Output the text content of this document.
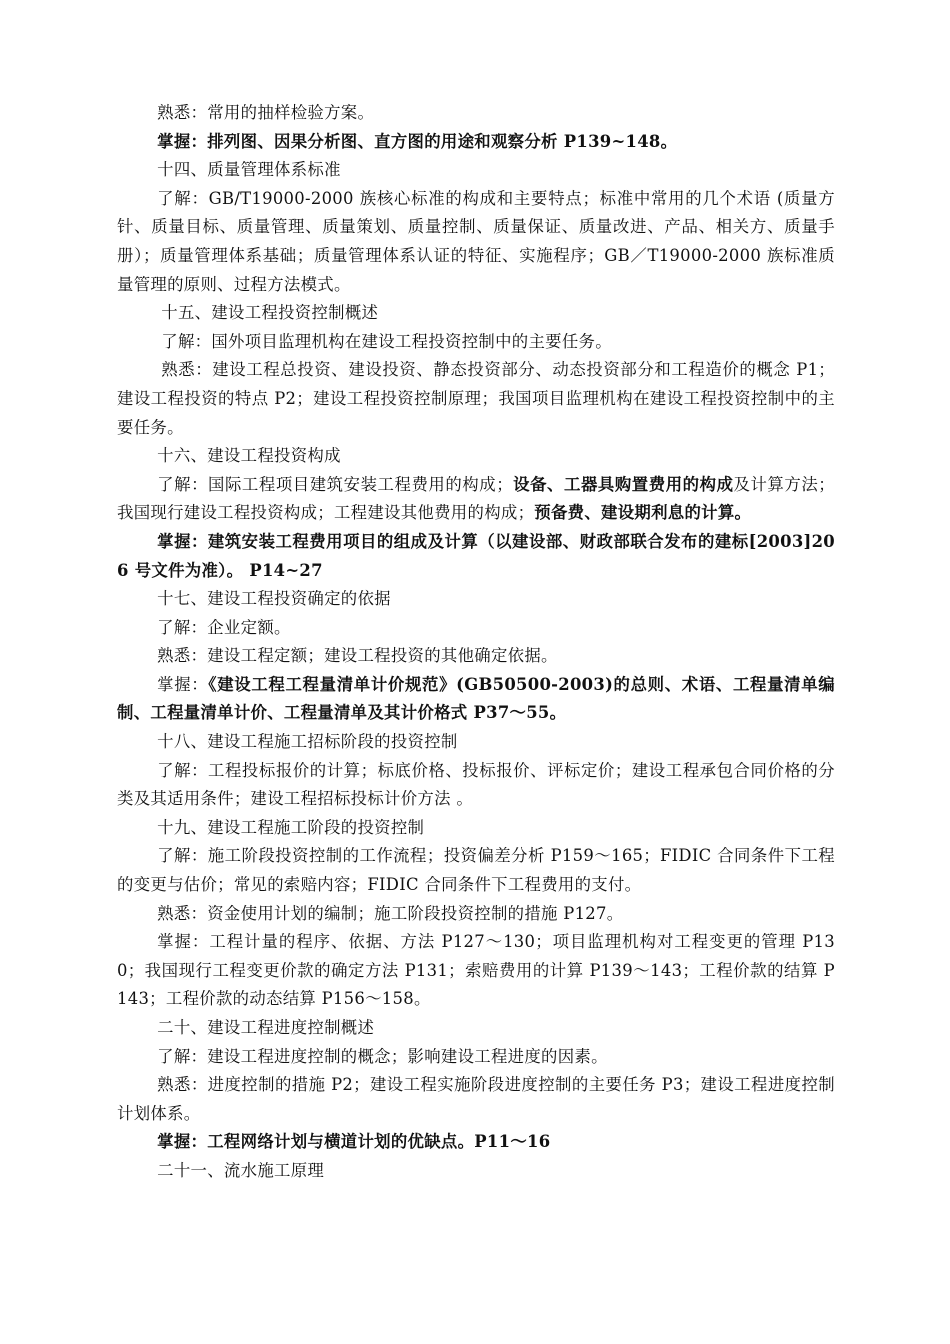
熟悉：常用的抽样检验方案。

掌握：排列图、因果分析图、直方图的用途和观察分析 P139~148。

十四、质量管理体系标准

了解：GB/T19000-2000 族核心标准的构成和主要特点；标准中常用的几个术语 (质量方针、质量目标、质量管理、质量策划、质量控制、质量保证、质量改进、产品、相关方、质量手册）；质量管理体系基础；质量管理体系认证的特征、实施程序；GB／T19000-2000 族标准质量管理的原则、过程方法模式。

十五、建设工程投资控制概述

了解：国外项目监理机构在建设工程投资控制中的主要任务。

熟悉：建设工程总投资、建设投资、静态投资部分、动态投资部分和工程造价的概念 P1；建设工程投资的特点 P2；建设工程投资控制原理；我国项目监理机构在建设工程投资控制中的主要任务。

十六、建设工程投资构成

了解：国际工程项目建筑安装工程费用的构成；设备、工器具购置费用的构成及计算方法；我国现行建设工程投资构成；工程建设其他费用的构成；预备费、建设期利息的计算。

掌握：建筑安装工程费用项目的组成及计算（以建设部、财政部联合发布的建标[2003]206 号文件为准）。 P14~27

十七、建设工程投资确定的依据

了解：企业定额。

熟悉：建设工程定额；建设工程投资的其他确定依据。

掌握：《建设工程工程量清单计价规范》(GB50500-2003)的总则、术语、工程量清单编制、工程量清单计价、工程量清单及其计价格式 P37～55。

十八、建设工程施工招标阶段的投资控制

了解：工程投标报价的计算；标底价格、投标报价、评标定价；建设工程承包合同价格的分类及其适用条件；建设工程招标投标计价方法 。

十九、建设工程施工阶段的投资控制

了解：施工阶段投资控制的工作流程；投资偏差分析 P159～165；FIDIC 合同条件下工程的变更与估价；常见的索赔内容；FIDIC 合同条件下工程费用的支付。

熟悉：资金使用计划的编制；施工阶段投资控制的措施 P127。

掌握：工程计量的程序、依据、方法 P127～130；项目监理机构对工程变更的管理 P130；我国现行工程变更价款的确定方法 P131；索赔费用的计算 P139～143；工程价款的结算 P143；工程价款的动态结算 P156～158。

二十、建设工程进度控制概述

了解：建设工程进度控制的概念；影响建设工程进度的因素。

熟悉：进度控制的措施 P2；建设工程实施阶段进度控制的主要任务 P3；建设工程进度控制计划体系。

掌握：工程网络计划与横道计划的优缺点。P11～16

二十一、流水施工原理
